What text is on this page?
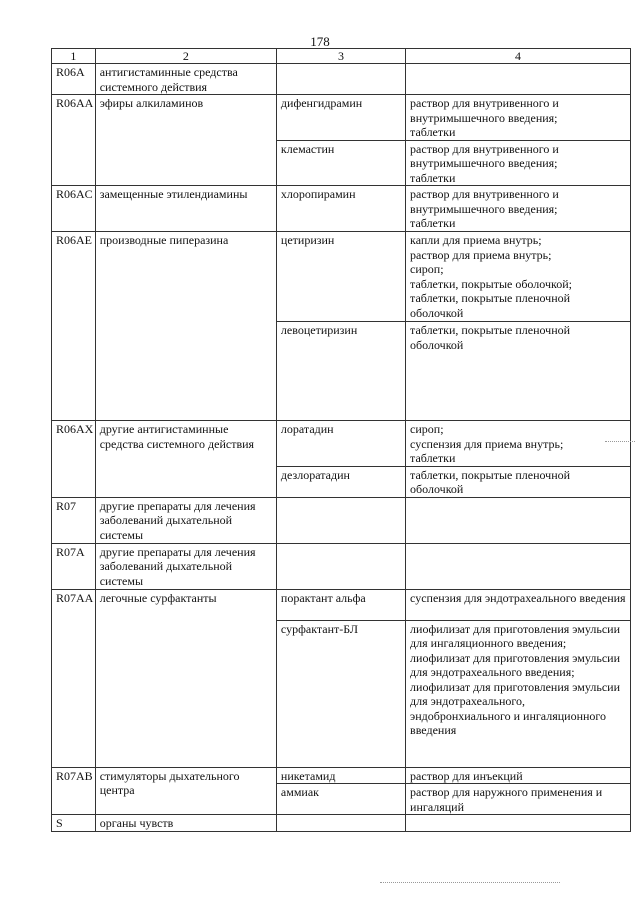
178
1	2	3	4
R06A	антигистаминные средства системного действия		
R06AA	эфиры алкиламинов	дифенгидрамин	раствор для внутривенного и внутримышечного введения;
таблетки

		клемастин	раствор для внутривенного и внутримышечного введения;
таблетки

R06AC	замещенные этилендиамины	хлоропирамин	раствор для внутривенного и внутримышечного введения;
таблетки

R06AE	производные пиперазина	цетиризин	капли для приема внутрь;
раствор для приема внутрь;
сироп;
таблетки, покрытые оболочкой;
таблетки, покрытые пленочной оболочкой

		левоцетиризин	таблетки, покрытые пленочной оболочкой

R06AX	другие антигистаминные средства системного действия	лоратадин	сироп;
суспензия для приема внутрь;
таблетки

		дезлоратадин	таблетки, покрытые пленочной оболочкой

R07	другие препараты для лечения заболеваний дыхательной системы		
R07A	другие препараты для лечения заболеваний дыхательной системы		
R07AA	легочные сурфактанты	порактант альфа	суспензия для эндотрахеального введения

		сурфактант-БЛ	лиофилизат для приготовления эмульсии для ингаляционного введения;
лиофилизат для приготовления эмульсии для эндотрахеального введения;
лиофилизат для приготовления эмульсии для эндотрахеального, эндобронхиального и ингаляционного введения

R07AB	стимуляторы дыхательного центра	никетамид	раствор для инъекций

		аммиак	раствор для наружного применения и ингаляций

S	органы чувств		
